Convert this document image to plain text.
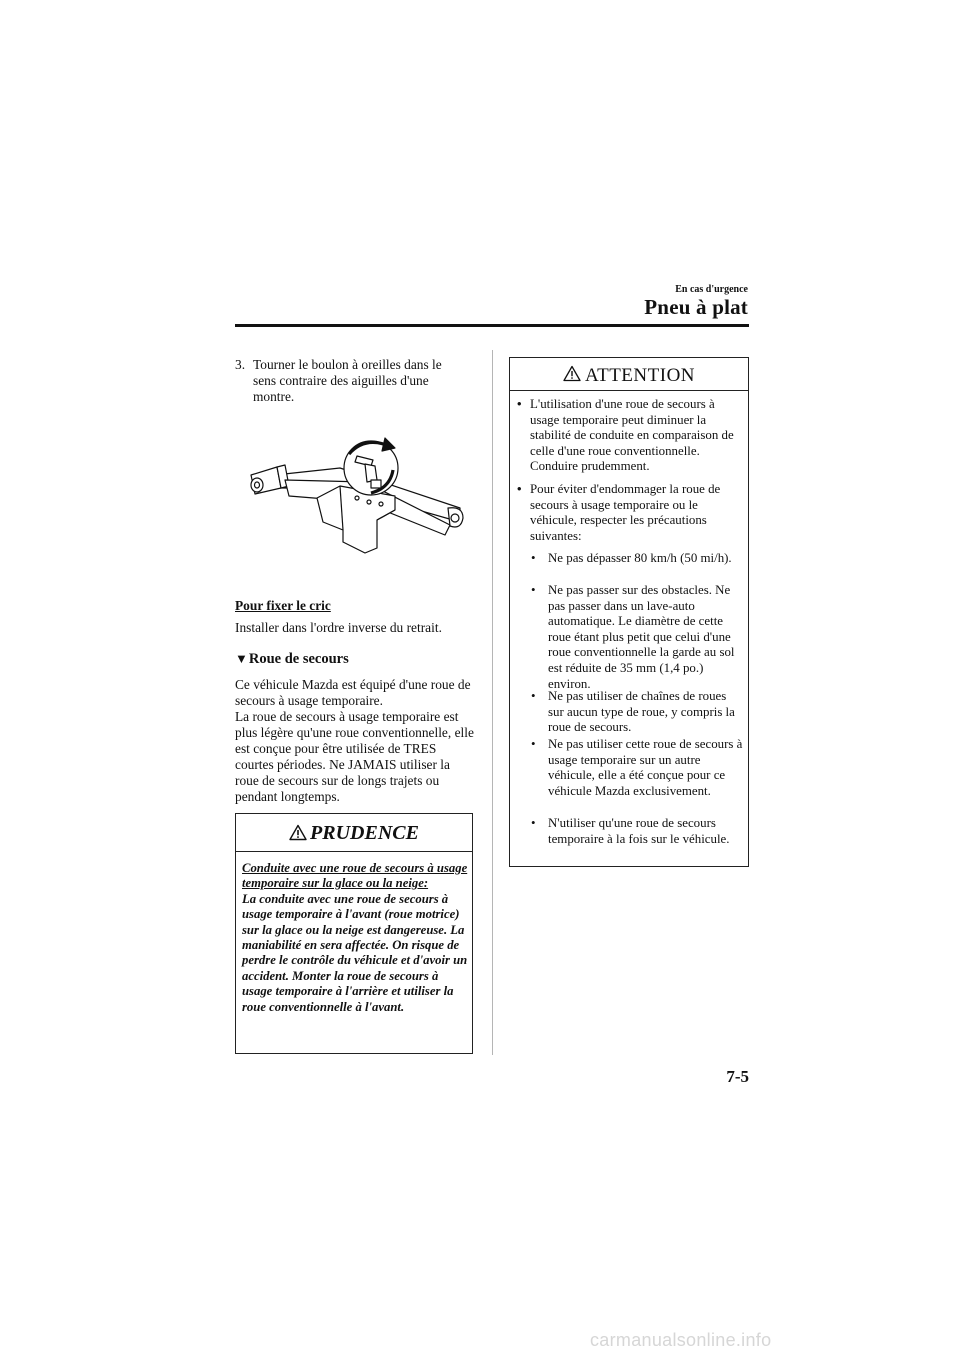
En cas d'urgence
Pneu à plat
3. Tourner le boulon à oreilles dans le sens contraire des aiguilles d'une montre.
Pour fixer le cric
Installer dans l'ordre inverse du retrait.
▼Roue de secours
Ce véhicule Mazda est équipé d'une roue de secours à usage temporaire.
La roue de secours à usage temporaire est plus légère qu'une roue conventionnelle, elle est conçue pour être utilisée de TRES courtes périodes. Ne JAMAIS utiliser la roue de secours sur de longs trajets ou pendant longtemps.
PRUDENCE
Conduite avec une roue de secours à usage temporaire sur la glace ou la neige:
La conduite avec une roue de secours à usage temporaire à l'avant (roue motrice) sur la glace ou la neige est dangereuse. La maniabilité en sera affectée. On risque de perdre le contrôle du véhicule et d'avoir un accident. Monter la roue de secours à usage temporaire à l'arrière et utiliser la roue conventionnelle à l'avant.
ATTENTION
• L'utilisation d'une roue de secours à usage temporaire peut diminuer la stabilité de conduite en comparaison de celle d'une roue conventionnelle. Conduire prudemment.
• Pour éviter d'endommager la roue de secours à usage temporaire ou le véhicule, respecter les précautions suivantes:
• Ne pas dépasser 80 km/h (50 mi/h).
• Ne pas passer sur des obstacles. Ne pas passer dans un lave-auto automatique. Le diamètre de cette roue étant plus petit que celui d'une roue conventionnelle la garde au sol est réduite de 35 mm (1,4 po.) environ.
• Ne pas utiliser de chaînes de roues sur aucun type de roue, y compris la roue de secours.
• Ne pas utiliser cette roue de secours à usage temporaire sur un autre véhicule, elle a été conçue pour ce véhicule Mazda exclusivement.
• N'utiliser qu'une roue de secours temporaire à la fois sur le véhicule.
7-5
carmanualsonline.info
